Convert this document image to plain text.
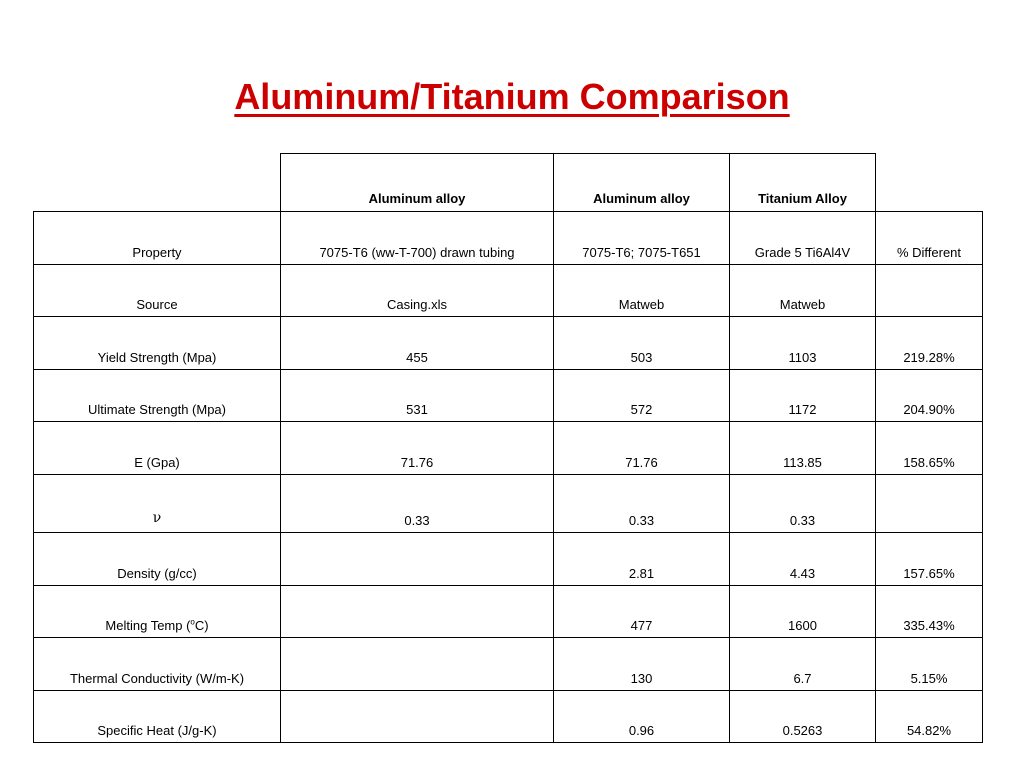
Aluminum/Titanium Comparison
	Aluminum alloy	Aluminum alloy	Titanium Alloy	
Property	7075-T6 (ww-T-700) drawn tubing	7075-T6; 7075-T651	Grade 5 Ti6Al4V	% Different
Source	Casing.xls	Matweb	Matweb	
Yield Strength (Mpa)	455	503	1103	219.28%
Ultimate Strength (Mpa)	531	572	1172	204.90%
E (Gpa)	71.76	71.76	113.85	158.65%
ν	0.33	0.33	0.33	
Density (g/cc)		2.81	4.43	157.65%
Melting Temp ($^o$C)		477	1600	335.43%
Thermal Conductivity (W/m-K)		130	6.7	5.15%
Specific Heat (J/g-K)		0.96	0.5263	54.82%
